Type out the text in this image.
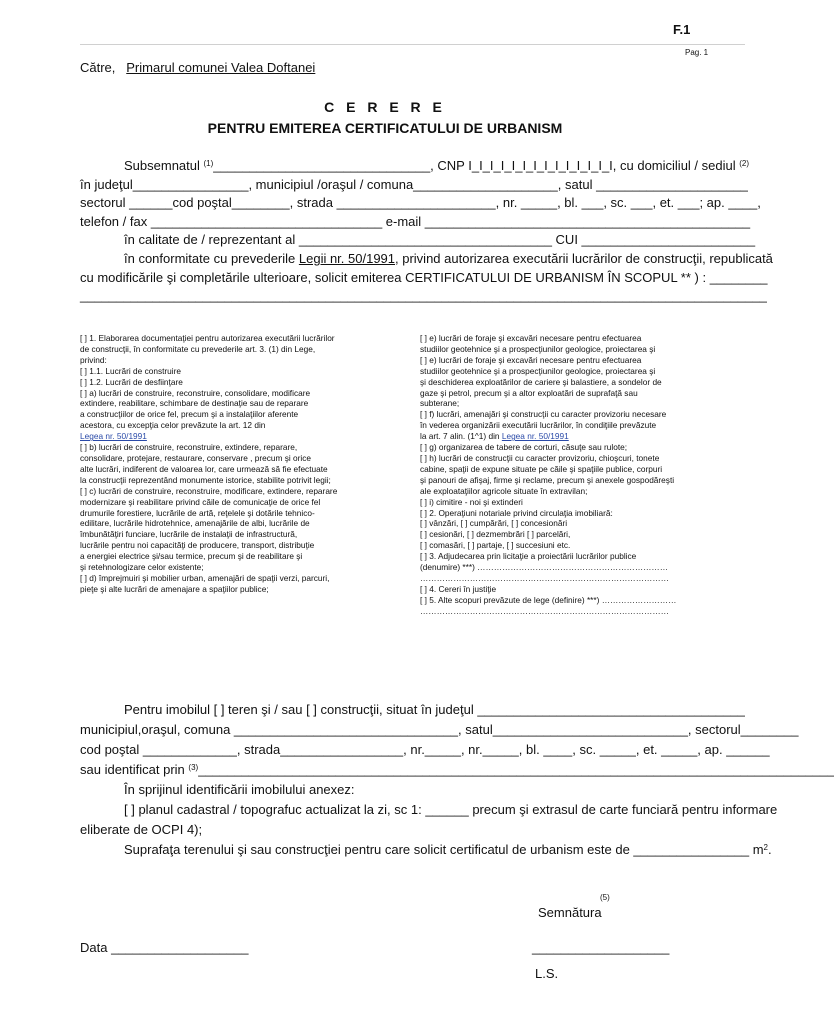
F.1
Pag. 1
Către, Primarul comunei Valea Doftanei
C E R E R E
PENTRU EMITEREA CERTIFICATULUI DE URBANISM
Subsemnatul $^{(1)}$______________________________, CNP I_I_I_I_I_I_I_I_I_I_I_I_I_I, cu domiciliul / sediul $^{(2)}$
în judeţul________________, municipiul /oraşul / comuna____________________, satul _____________________
sectorul ______cod poştal________, strada ______________________, nr. _____, bl. ___, sc. ___, et. ___; ap. ____,
telefon / fax ________________________________ e-mail _____________________________________________
în calitate de / reprezentant al ___________________________________ CUI ________________________
în conformitate cu prevederile Legii nr. 50/1991, privind autorizarea executării lucrărilor de construcţii, republicată
cu modificările şi completările ulterioare, solicit emiterea CERTIFICATULUI DE URBANISM ÎN SCOPUL ** ) : ________
_______________________________________________________________________________________________
[ ] 1. Elaborarea documentaţiei pentru autorizarea executării lucrărilor
de construcţii, în conformitate cu prevederile art. 3. (1) din Lege,
privind:
[ ] 1.1. Lucrări de construire
[ ] 1.2. Lucrări de desfiinţare
[ ] a) lucrări de construire, reconstruire, consolidare, modificare
extindere, reabilitare, schimbare de destinaţie sau de reparare
a construcţiilor de orice fel, precum şi a instalaţiilor aferente
acestora, cu excepţia celor prevăzute la art. 12 din
Legea nr. 50/1991
[ ] b) lucrări de construire, reconstruire, extindere, reparare,
consolidare, protejare, restaurare, conservare , precum şi orice
alte lucrări, indiferent de valoarea lor, care urmează să fie efectuate
la construcţii reprezentând monumente istorice, stabilite potrivit legii;
[ ] c) lucrări de construire, reconstruire, modificare, extindere, reparare
modernizare şi reabilitare privind căile de comunicaţie de orice fel
drumurile forestiere, lucrările de artă, reţelele şi dotările tehnico-
edilitare, lucrările hidrotehnice, amenajările de albi, lucrările de
îmbunătăţiri funciare, lucrările de instalaţii de infrastructură,
lucrările pentru noi capacităţi de producere, transport, distribuţie
a energiei electrice şi/sau termice, precum şi de reabilitare şi
şi retehnologizare celor existente;
[ ] d) împrejmuiri şi mobilier urban, amenajări de spaţii verzi, parcuri,
pieţe şi alte lucrări de amenajare a spaţiilor publice;
[ ] e) lucrări de foraje şi excavări necesare pentru efectuarea
studiilor geotehnice şi a prospecţiunilor geologice, proiectarea şi
[ ] e) lucrări de foraje şi excavări necesare pentru efectuarea
studiilor geotehnice şi a prospecţiunilor geologice, proiectarea şi
şi deschiderea exploatărilor de cariere şi balastiere, a sondelor de
gaze şi petrol, precum şi a altor exploatări de suprafaţă sau
subterane;
[ ] f) lucrări, amenajări şi construcţii cu caracter provizoriu necesare
în vederea organizării executării lucrărilor, în condiţiile prevăzute
la art. 7 alin. (1^1) din Legea nr. 50/1991
[ ] g) organizarea de tabere de corturi, căsuţe sau rulote;
[ ] h) lucrări de construcţii cu caracter provizoriu, chioşcuri, tonete
cabine, spaţii de expune situate pe căile şi spaţiile publice, corpuri
şi panouri de afişaj, firme şi reclame, precum şi anexele gospodăreşti
ale exploataţiilor agricole situate în extravilan;
[ ] i) cimitire - noi şi extinderi
[ ] 2. Operaţiuni notariale privind circulaţia imobiliară:
[ ] vânzări, [ ] cumpărări, [ ] concesionări
[ ] cesionări, [ ] dezmembrări [ ] parcelări,
[ ] comasări, [ ] partaje, [ ] succesiuni etc.
[ ] 3. Adjudecarea prin licitaţie a proiectării lucrărilor publice
(denumire) ***) ……………………………………………………………
………………………………………………………………………………
[ ] 4. Cereri în justiţie
[ ] 5. Alte scopuri prevăzute de lege (definire) ***) ………………………
………………………………………………………………………………
Pentru imobilul [ ] teren şi / sau [ ] construcţii, situat în judeţul _____________________________________
municipiul,oraşul, comuna _______________________________, satul___________________________, sectorul________
cod poştal _____________, strada_________________, nr._____, nr._____, bl. ____, sc. _____, et. _____, ap. ______
sau identificat prin $^{(3)}$________________________________________________________________________________________
În sprijinul identificării imobilului anexez:
[ ] planul cadastral / topografuc actualizat la zi, sc 1: ______ precum şi extrasul de carte funciară pentru informare
eliberate de OCPI 4);
Suprafaţa terenului şi sau construcţiei pentru care solicit certificatul de urbanism este de ________________ $m^2$.
(5)
Semnătura
Data ___________________	___________________
L.S.
